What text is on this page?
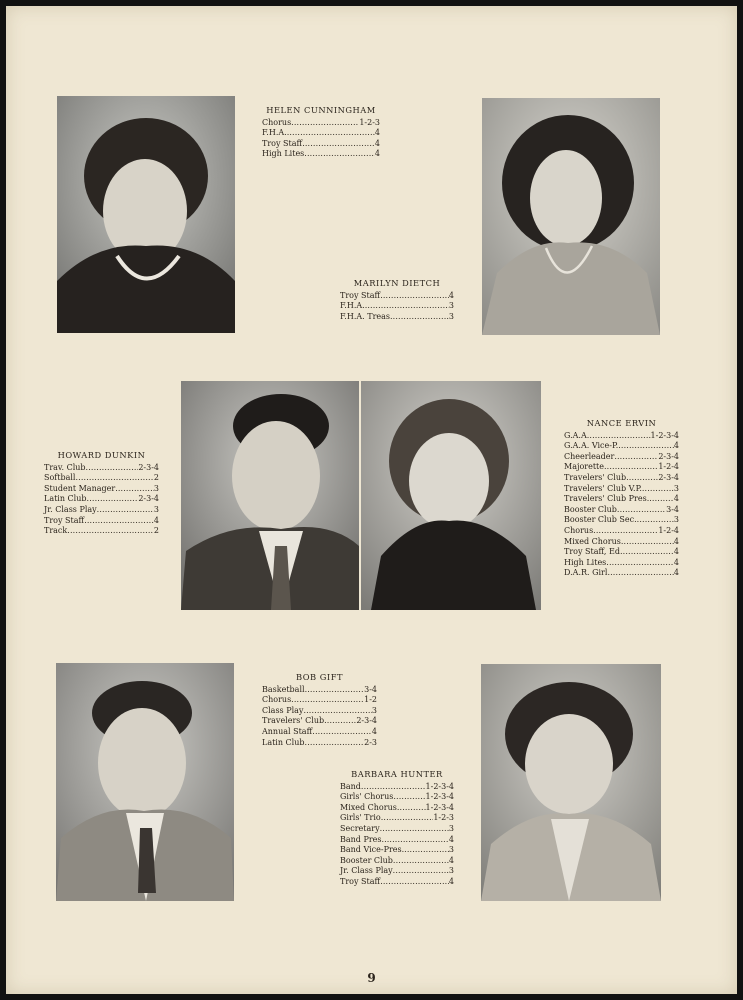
HELEN CUNNINGHAM
Chorus . . .	1-2-3
F.H.A. . . .	4
Troy Staff . . .	4
High Lites . . .	4
MARILYN DIETCH
Troy Staff . . .	4
F.H.A. . . .	3
F.H.A. Treas . . .	3
HOWARD DUNKIN
Trav. Club . . .	2-3-4
Softball . . .	2
Student Manager . . .	3
Latin Club . . .	2-3-4
Jr. Class Play . . .	3
Troy Staff . . .	4
Track . . .	2
NANCE ERVIN
G.A.A . . .	1-2-3-4
G.A.A. Vice-P. . . .	4
Cheerleader . . .	2-3-4
Majorette . . .	1-2-4
Travelers' Club . . .	2-3-4
Travelers' Club V.P. . . .	3
Travelers' Club Pres. . . .	4
Booster Club . . .	3-4
Booster Club Sec. . . .	3
Chorus . . .	1-2-4
Mixed Chorus . . .	4
Troy Staff, Ed . . .	4
High Lites . . .	4
D.A.R. Girl . . .	4
BOB GIFT
Basketball . . .	3-4
Chorus . . .	1-2
Class Play . . .	3
Travelers' Club . . .	2-3-4
Annual Staff . . .	4
Latin Club . . .	2-3
BARBARA HUNTER
Band . . .	1-2-3-4
Girls' Chorus . . .	1-2-3-4
Mixed Chorus . . .	1-2-3-4
Girls' Trio . . .	1-2-3
Secretary . . .	3
Band Pres. . . .	4
Band Vice-Pres. . . .	3
Booster Club . . .	4
Jr. Class Play . . .	3
Troy Staff . . .	4
9
